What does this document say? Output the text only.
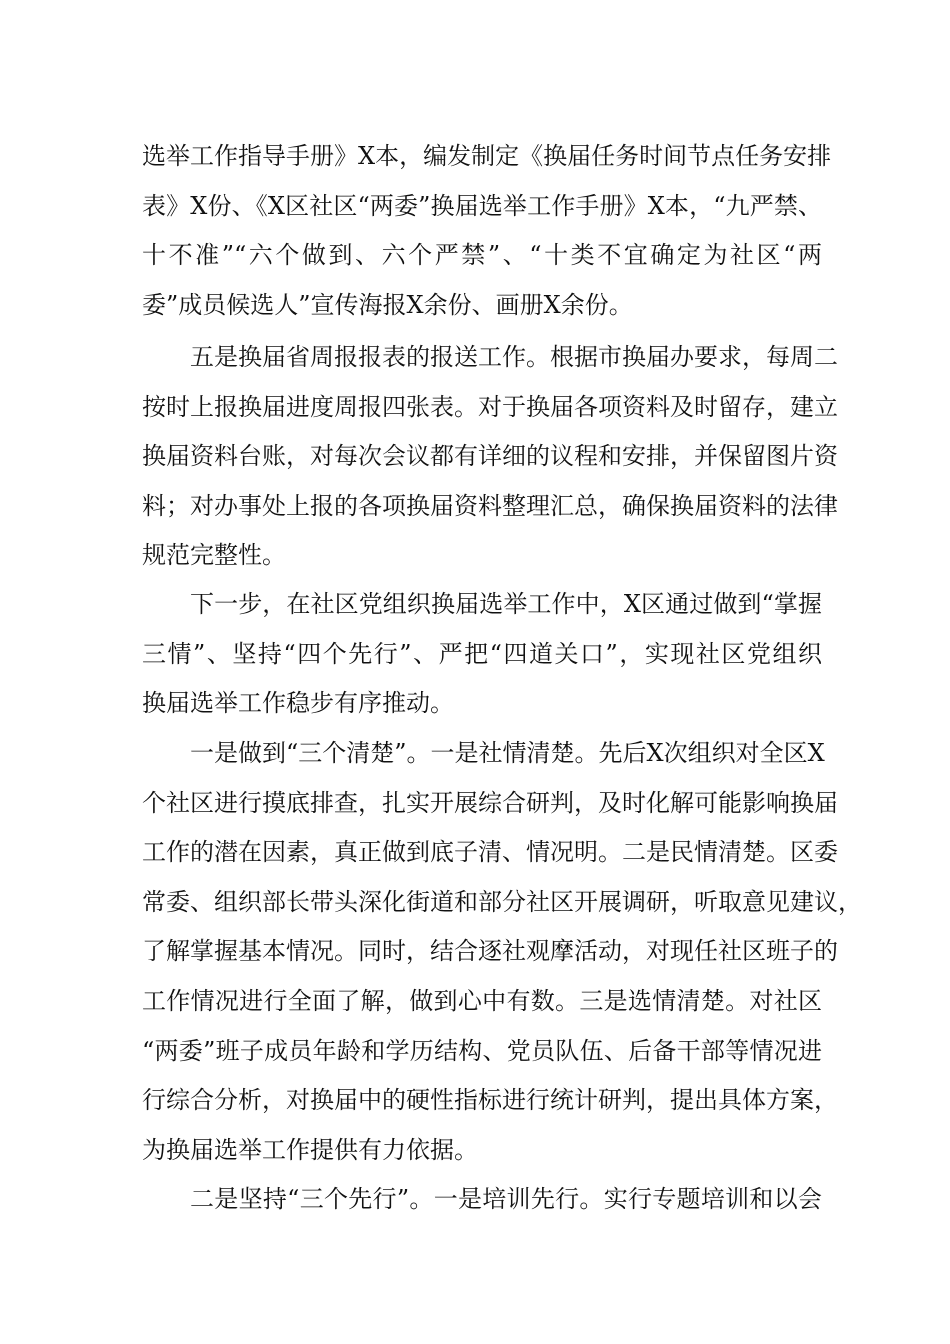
选举工作指导手册》X本，编发制定《换届任务时间节点任务安排
表》X份、《X区社区“两委”换届选举工作手册》X本，“九严禁、
十不准”“六个做到、六个严禁”、“十类不宜确定为社区“两
委”成员候选人”宣传海报X余份、画册X余份。
五是换届省周报报表的报送工作。根据市换届办要求，每周二
按时上报换届进度周报四张表。对于换届各项资料及时留存，建立
换届资料台账，对每次会议都有详细的议程和安排，并保留图片资
料；对办事处上报的各项换届资料整理汇总，确保换届资料的法律
规范完整性。
下一步，在社区党组织换届选举工作中，X区通过做到“掌握
三情”、坚持“四个先行”、严把“四道关口”，实现社区党组织
换届选举工作稳步有序推动。
一是做到“三个清楚”。一是社情清楚。先后X次组织对全区X
个社区进行摸底排查，扎实开展综合研判，及时化解可能影响换届
工作的潜在因素，真正做到底子清、情况明。二是民情清楚。区委
常委、组织部长带头深化街道和部分社区开展调研，听取意见建议，
了解掌握基本情况。同时，结合逐社观摩活动，对现任社区班子的
工作情况进行全面了解，做到心中有数。三是选情清楚。对社区
“两委”班子成员年龄和学历结构、党员队伍、后备干部等情况进
行综合分析，对换届中的硬性指标进行统计研判，提出具体方案，
为换届选举工作提供有力依据。
二是坚持“三个先行”。一是培训先行。实行专题培训和以会
